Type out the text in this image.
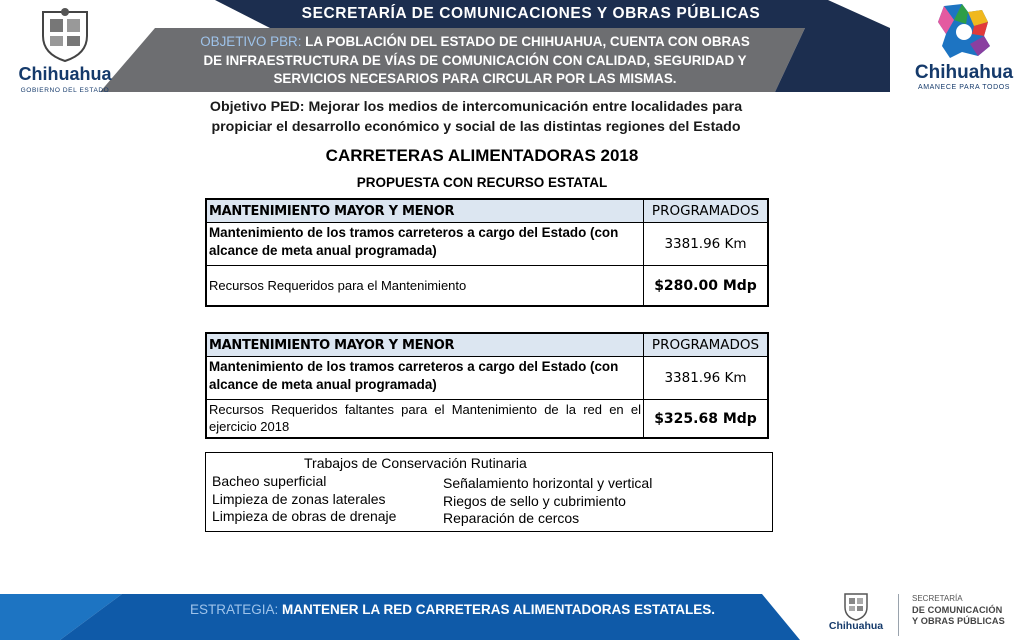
SECRETARÍA DE COMUNICACIONES Y OBRAS PÚBLICAS
OBJETIVO PBR: LA POBLACIÓN DEL ESTADO DE CHIHUAHUA, CUENTA CON OBRAS DE INFRAESTRUCTURA DE VÍAS DE COMUNICACIÓN CON CALIDAD, SEGURIDAD Y SERVICIOS NECESARIOS PARA CIRCULAR POR LAS MISMAS.
Chihuahua
GOBIERNO DEL ESTADO
Chihuahua
AMANECE PARA TODOS
Objetivo PED: Mejorar los medios de intercomunicación entre localidades para propiciar el desarrollo económico y social de las distintas regiones del Estado
CARRETERAS ALIMENTADORAS 2018
PROPUESTA CON RECURSO ESTATAL
MANTENIMIENTO MAYOR Y MENOR	PROGRAMADOS
Mantenimiento de los tramos carreteros a cargo del Estado (con alcance de meta anual programada)	3381.96 Km
Recursos Requeridos para el Mantenimiento	$280.00 Mdp
MANTENIMIENTO MAYOR Y MENOR	PROGRAMADOS
Mantenimiento de los tramos carreteros a cargo del Estado (con alcance de meta anual programada)	3381.96 Km
Recursos Requeridos faltantes para el Mantenimiento de la red en el ejercicio 2018	$325.68 Mdp
Trabajos de Conservación Rutinaria
Bacheo superficial
Limpieza de zonas laterales
Limpieza de obras de drenaje
Señalamiento horizontal y vertical
Riegos de sello y cubrimiento
Reparación de cercos
ESTRATEGIA: MANTENER LA RED CARRETERAS ALIMENTADORAS ESTATALES.
Chihuahua
SECRETARÍA
DE COMUNICACIÓN
Y OBRAS PÚBLICAS
